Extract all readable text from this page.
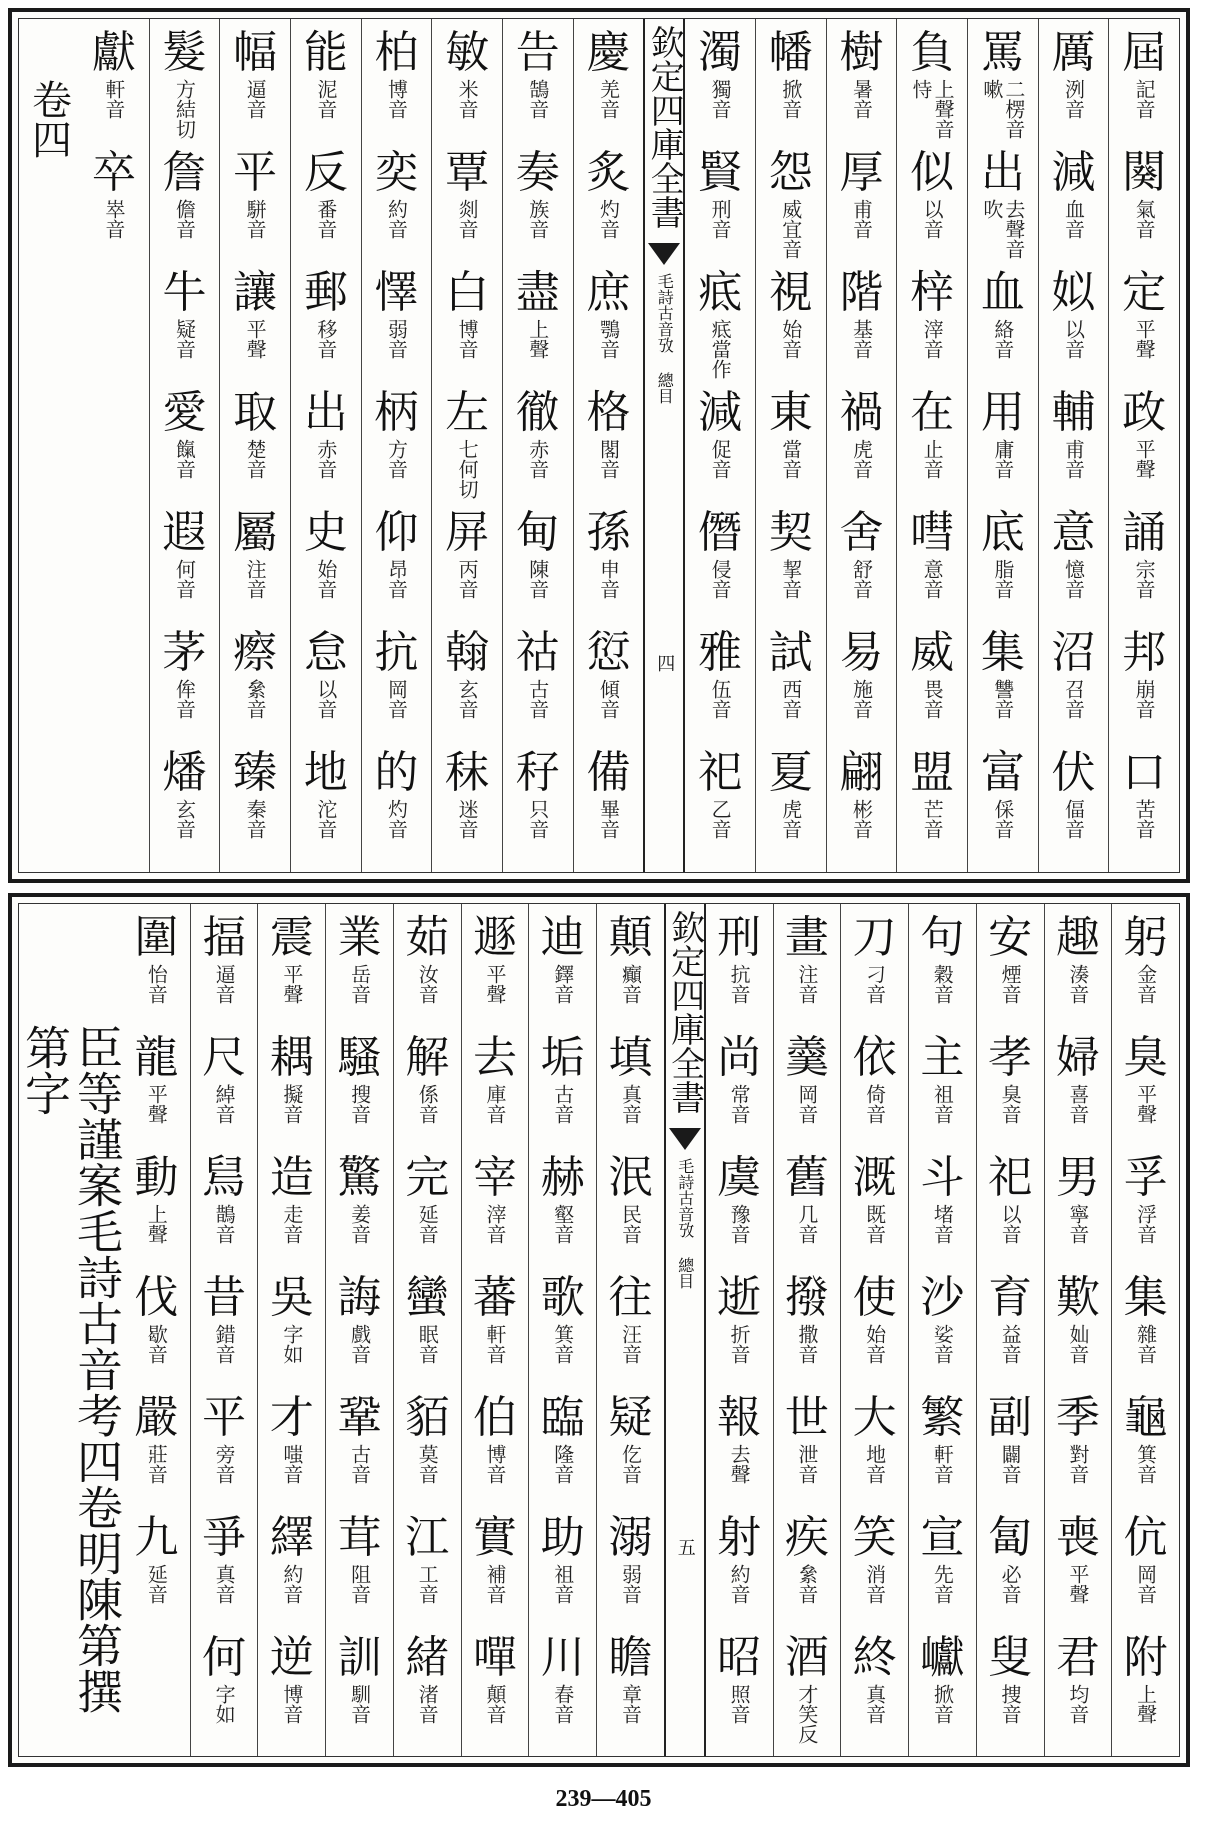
屆
記音
闋
氣音
定
平聲
政
平聲
誦
宗音
邦
崩音
口
苦音
厲
洌音
減
血音
姒
以音
輔
甫音
意
憶音
沼
召音
伏
偪音
罵
二楞音嗽
出
去聲音吹
血
絡音
用
庸音
底
脂音
集
讐音
富
倸音
負
上聲音恃
似
以音
梓
滓音
在
止音
嘒
意音
威
畏音
盟
芒音
樹
暑音
厚
甫音
階
基音
禍
虎音
舍
舒音
易
施音
翩
彬音
幡
掀音
怨
威宜音
視
始音
東
當音
契
挈音
試
西音
夏
虎音
濁
獨音
賢
刑音
疷
疷當作
減
促音
僭
侵音
雅
伍音
祀
乙音
欽定四庫全書
毛詩古音攷 總目
四
慶
羌音
炙
灼音
庶
鶚音
格
閣音
孫
申音
愆
傾音
備
畢音
告
鵠音
奏
族音
盡
上聲
徹
赤音
甸
陳音
祜
古音
秄
只音
敏
米音
覃
剡音
白
博音
左
七何切
屏
丙音
翰
玄音
秣
迷音
柏
博音
奕
約音
懌
弱音
柄
方音
仰
昂音
抗
岡音
的
灼音
能
泥音
反
番音
郵
移音
出
赤音
史
始音
怠
以音
地
沱音
幅
逼音
平
駢音
讓
平聲
取
楚音
屬
注音
瘵
絫音
臻
秦音
髮
方結切
詹
儋音
牛
疑音
愛
餼音
遐
何音
茅
侔音
燔
玄音
獻
軒音
卒
崒音
卷四
躬
金音
臭
平聲
孚
浮音
集
雜音
龜
箕音
伉
岡音
附
上聲
趣
湊音
婦
喜音
男
寧音
歎
奾音
季
對音
喪
平聲
君
均音
安
煙音
孝
臭音
祀
以音
育
益音
副
闢音
匐
必音
叟
捜音
句
穀音
主
祖音
斗
堵音
沙
娑音
繁
軒音
宣
先音
巘
掀音
刀
刁音
依
倚音
溉
既音
使
始音
大
地音
笑
消音
終
真音
畫
注音
羹
岡音
舊
几音
撥
撒音
世
泄音
疾
絫音
酒
才笑反
刑
抗音
尚
常音
虞
豫音
逝
折音
報
去聲
射
約音
昭
照音
欽定四庫全書
毛詩古音攷 總目
五
顛
癲音
填
真音
泯
民音
往
汪音
疑
仡音
溺
弱音
瞻
章音
迪
鐸音
垢
古音
赫
壑音
歌
箕音
臨
隆音
助
祖音
川
春音
遯
平聲
去
庫音
宰
滓音
蕃
軒音
伯
博音
實
補音
嘽
顛音
茹
汝音
解
係音
完
延音
蠻
眠音
貊
莫音
江
工音
緒
渚音
業
岳音
騷
搜音
驚
姜音
誨
戲音
鞏
古音
茸
阻音
訓
馴音
震
平聲
耦
擬音
造
走音
吳
字如
才
嗤音
繹
約音
逆
博音
揊
逼音
尺
綽音
舃
鵲音
昔
錯音
平
旁音
爭
真音
何
字如
圍
怡音
龍
平聲
動
上聲
伐
歇音
嚴
莊音
九
延音
臣等謹案毛詩古音考四卷明陳第撰第字
239—405
